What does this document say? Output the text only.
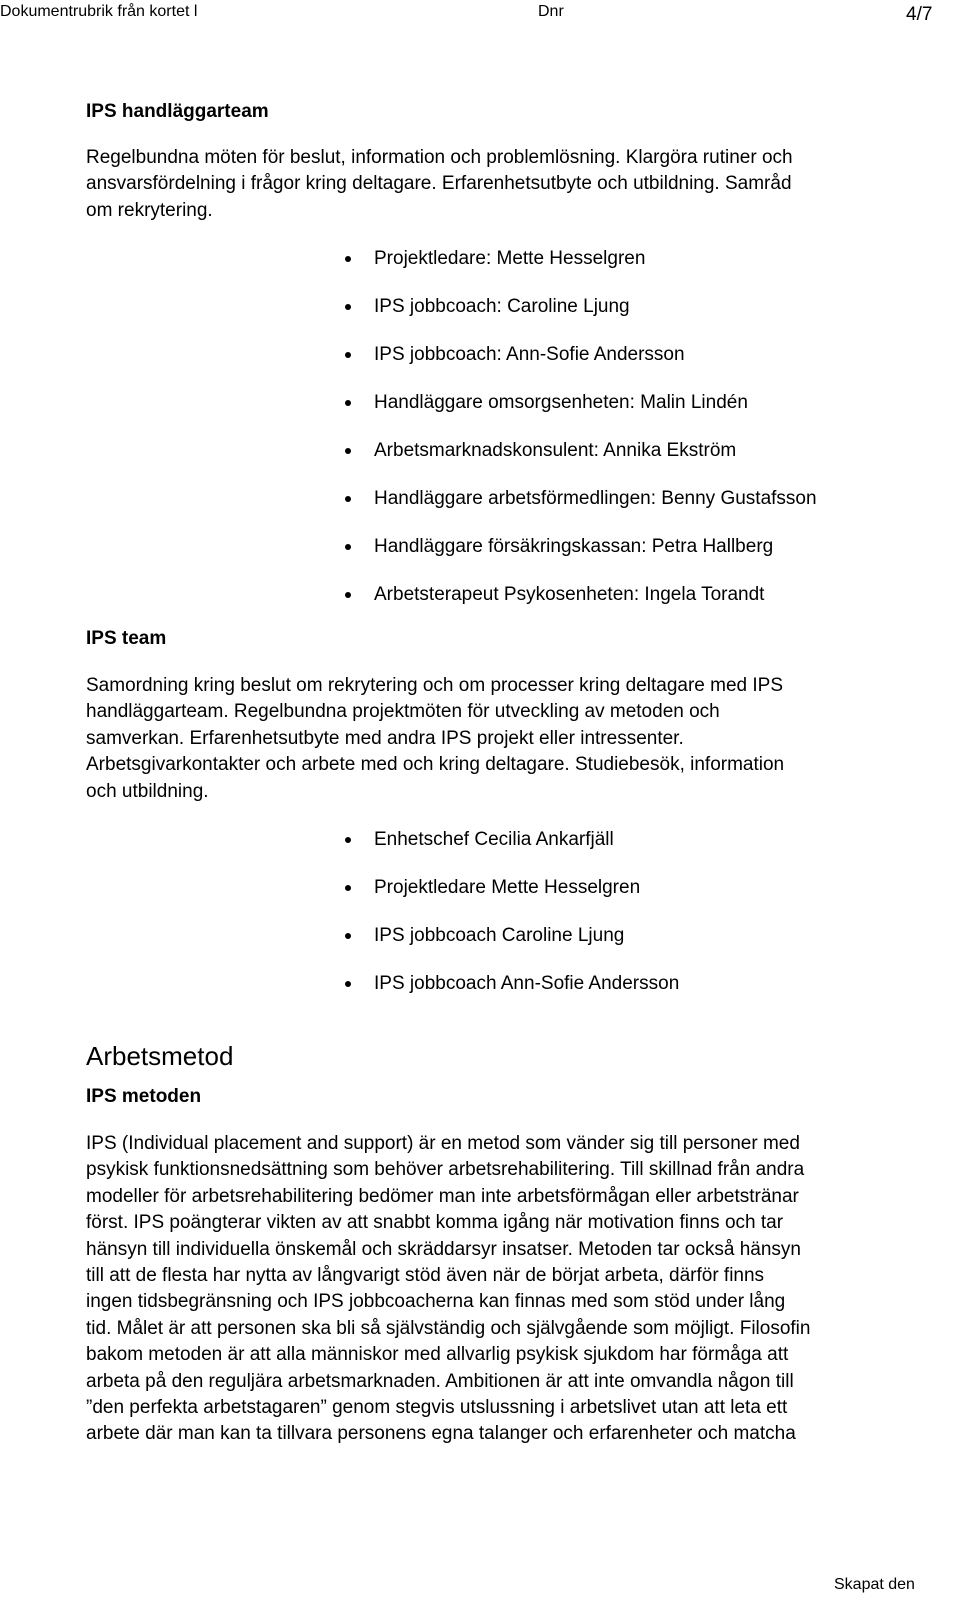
Dokumentrubrik från kortet l	Dnr	4/7
IPS handläggarteam
Regelbundna möten för beslut, information och problemlösning. Klargöra rutiner och
ansvarsfördelning i frågor kring deltagare. Erfarenhetsutbyte och utbildning. Samråd
om rekrytering.
Projektledare: Mette Hesselgren
IPS jobbcoach: Caroline Ljung
IPS jobbcoach: Ann-Sofie Andersson
Handläggare omsorgsenheten: Malin Lindén
Arbetsmarknadskonsulent: Annika Ekström
Handläggare arbetsförmedlingen: Benny Gustafsson
Handläggare försäkringskassan: Petra Hallberg
Arbetsterapeut Psykosenheten: Ingela Torandt
IPS team
Samordning kring beslut om rekrytering och om processer kring deltagare med IPS
handläggarteam. Regelbundna projektmöten för utveckling av metoden och
samverkan. Erfarenhetsutbyte med andra IPS projekt eller intressenter.
Arbetsgivarkontakter och arbete med och kring deltagare. Studiebesök, information
och utbildning.
Enhetschef Cecilia Ankarfjäll
Projektledare Mette Hesselgren
IPS jobbcoach Caroline Ljung
IPS jobbcoach Ann-Sofie Andersson
Arbetsmetod
IPS metoden
IPS (Individual placement and support) är en metod som vänder sig till personer med
psykisk funktionsnedsättning som behöver arbetsrehabilitering. Till skillnad från andra
modeller för arbetsrehabilitering bedömer man inte arbetsförmågan eller arbetstränar
först. IPS poängterar vikten av att snabbt komma igång när motivation finns och tar
hänsyn till individuella önskemål och skräddarsyr insatser. Metoden tar också hänsyn
till att de flesta har nytta av långvarigt stöd även när de börjat arbeta, därför finns
ingen tidsbegränsning och IPS jobbcoacherna kan finnas med som stöd under lång
tid. Målet är att personen ska bli så självständig och självgående som möjligt. Filosofin
bakom metoden är att alla människor med allvarlig psykisk sjukdom har förmåga att
arbeta på den reguljära arbetsmarknaden. Ambitionen är att inte omvandla någon till
”den perfekta arbetstagaren” genom stegvis utslussning i arbetslivet utan att leta ett
arbete där man kan ta tillvara personens egna talanger och erfarenheter och matcha
Skapat den
